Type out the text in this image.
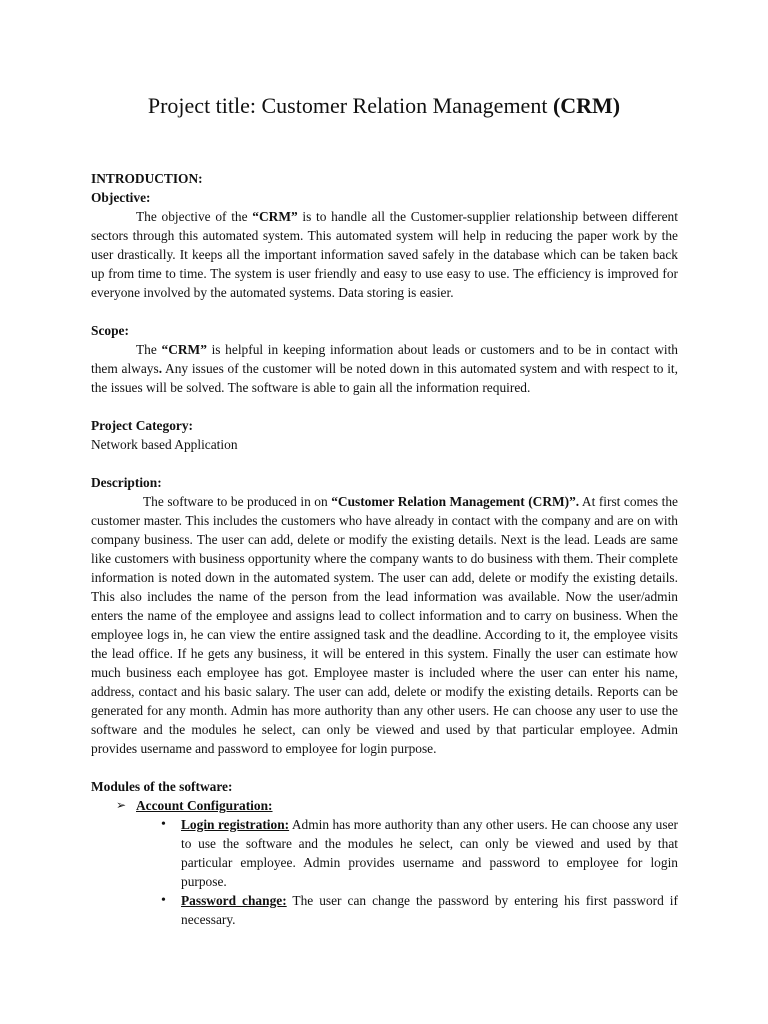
Project title: Customer Relation Management (CRM)

INTRODUCTION:

Objective:

The objective of the “CRM” is to handle all the Customer-supplier relationship between different sectors through this automated system. This automated system will help in reducing the paper work by the user drastically. It keeps all the important information saved safely in the database which can be taken back up from time to time. The system is user friendly and easy to use easy to use. The efficiency is improved for everyone involved by the automated systems. Data storing is easier.

Scope:

The “CRM” is helpful in keeping information about leads or customers and to be in contact with them always. Any issues of the customer will be noted down in this automated system and with respect to it, the issues will be solved. The software is able to gain all the information required.

Project Category:

Network based Application

Description:

The software to be produced in on “Customer Relation Management (CRM)”. At first comes the customer master. This includes the customers who have already in contact with the company and are on with company business. The user can add, delete or modify the existing details. Next is the lead. Leads are same like customers with business opportunity where the company wants to do business with them. Their complete information is noted down in the automated system. The user can add, delete or modify the existing details. This also includes the name of the person from the lead information was available. Now the user/admin enters the name of the employee and assigns lead to collect information and to carry on business. When the employee logs in, he can view the entire assigned task and the deadline. According to it, the employee visits the lead office. If he gets any business, it will be entered in this system. Finally the user can estimate how much business each employee has got. Employee master is included where the user can enter his name, address, contact and his basic salary. The user can add, delete or modify the existing details. Reports can be generated for any month. Admin has more authority than any other users. He can choose any user to use the software and the modules he select, can only be viewed and used by that particular employee. Admin provides username and password to employee for login purpose.

Modules of the software:

➢ Account Configuration:
•	Login registration: Admin has more authority than any other users. He can choose any user to use the software and the modules he select, can only be viewed and used by that particular employee. Admin provides username and password to employee for login purpose.
•	Password change: The user can change the password by entering his first password if necessary.
